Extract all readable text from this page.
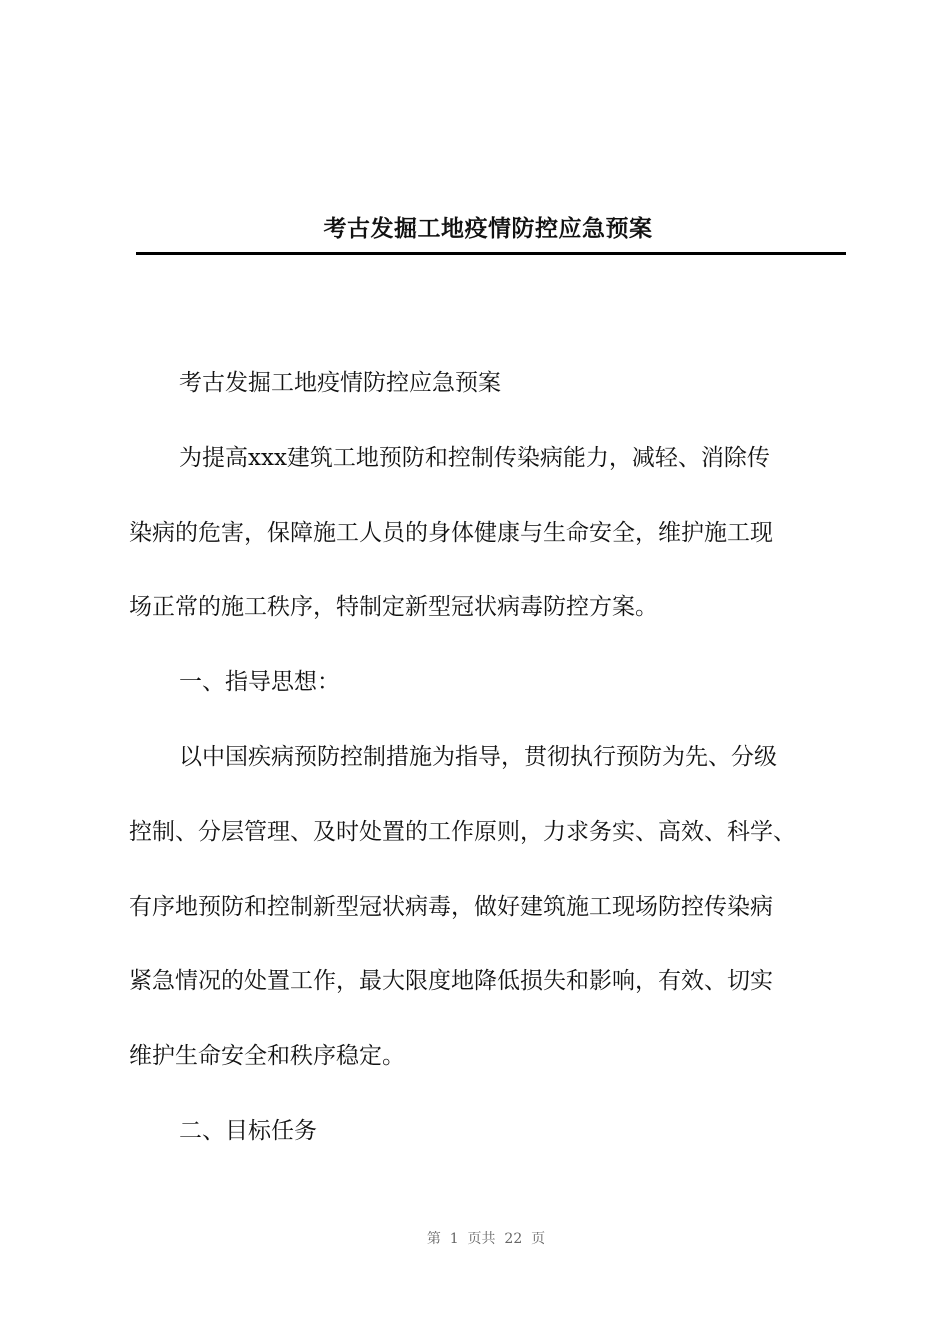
考古发掘工地疫情防控应急预案

考古发掘工地疫情防控应急预案

为提高xxx建筑工地预防和控制传染病能力，减轻、消除传

染病的危害，保障施工人员的身体健康与生命安全，维护施工现

场正常的施工秩序，特制定新型冠状病毒防控方案。

一、指导思想：

以中国疾病预防控制措施为指导，贯彻执行预防为先、分级

控制、分层管理、及时处置的工作原则，力求务实、高效、科学、

有序地预防和控制新型冠状病毒，做好建筑施工现场防控传染病

紧急情况的处置工作，最大限度地降低损失和影响，有效、切实

维护生命安全和秩序稳定。

二、目标任务

第  1  页共  22  页
